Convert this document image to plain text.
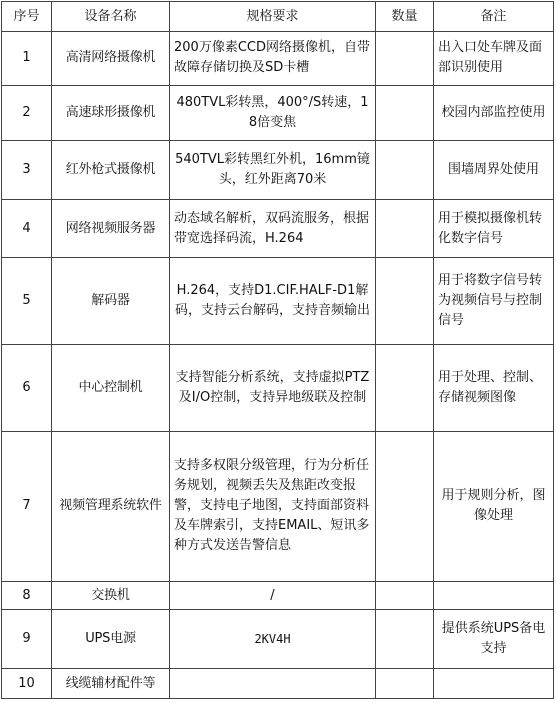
序号	设备名称	规格要求	数量	备注
1	高清网络摄像机	200万像素CCD网络摄像机，自带故障存储切换及SD卡槽		出入口处车牌及面部识别使用
2	高速球形摄像机	480TVL彩转黑，400°/S转速，18倍变焦		校园内部监控使用
3	红外枪式摄像机	540TVL彩转黑红外机，16mm镜头，红外距离70米		围墙周界处使用
4	网络视频服务器	动态域名解析，双码流服务，根据带宽选择码流，H.264		用于模拟摄像机转化数字信号
5	解码器	H.264，支持D1.CIF.HALF-D1解码，支持云台解码，支持音频输出		用于将数字信号转为视频信号与控制信号
6	中心控制机	支持智能分析系统，支持虚拟PTZ及I/O控制，支持异地级联及控制		用于处理、控制、存储视频图像
7	视频管理系统软件	支持多权限分级管理，行为分析任务规划，视频丢失及焦距改变报警，支持电子地图，支持面部资料及车牌索引，支持EMAIL、短讯多种方式发送告警信息		用于规则分析，图像处理
8	交换机	/		
9	UPS电源	2KV4H		提供系统UPS备电支持
10	线缆辅材配件等			
